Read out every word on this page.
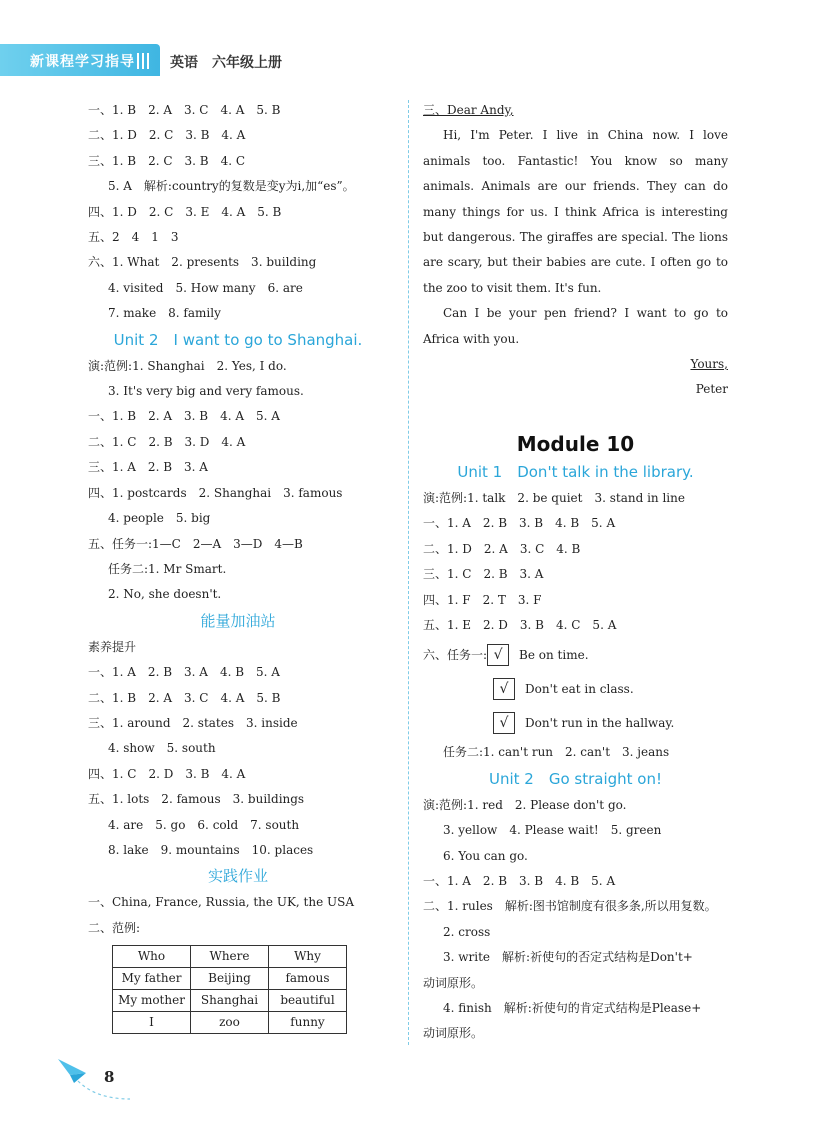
新课程学习指导	英语　六年级上册
一、1. B　2. A　3. C　4. A　5. B
二、1. D　2. C　3. B　4. A
三、1. B　2. C　3. B　4. C
5. A　解析:country的复数是变y为i,加“es”。
四、1. D　2. C　3. E　4. A　5. B
五、2　4　1　3
六、1. What　2. presents　3. building
4. visited　5. How many　6. are
7. make　8. family
Unit 2　I want to go to Shanghai.
演:范例:1. Shanghai　2. Yes, I do.
3. It's very big and very famous.
一、1. B　2. A　3. B　4. A　5. A
二、1. C　2. B　3. D　4. A
三、1. A　2. B　3. A
四、1. postcards　2. Shanghai　3. famous
4. people　5. big
五、任务一:1—C　2—A　3—D　4—B
任务二:1. Mr Smart.
2. No, she doesn't.
能量加油站
素养提升
一、1. A　2. B　3. A　4. B　5. A
二、1. B　2. A　3. C　4. A　5. B
三、1. around　2. states　3. inside
4. show　5. south
四、1. C　2. D　3. B　4. A
五、1. lots　2. famous　3. buildings
4. are　5. go　6. cold　7. south
8. lake　9. mountains　10. places
实践作业
一、China, France, Russia, the UK, the USA
二、范例:
Who	Where	Why
My father	Beijing	famous
My mother	Shanghai	beautiful
I	zoo	funny
三、Dear Andy,

Hi, I'm Peter. I live in China now. I love animals too. Fantastic! You know so many animals. Animals are our friends. They can do many things for us. I think Africa is interesting but dangerous. The giraffes are special. The lions are scary, but their babies are cute. I often go to the zoo to visit them. It's fun.

Can I be your pen friend? I want to go to Africa with you.

Yours,
Peter
Module 10
Unit 1　Don't talk in the library.
演:范例:1. talk　2. be quiet　3. stand in line
一、1. A　2. B　3. B　4. B　5. A
二、1. D　2. A　3. C　4. B
三、1. C　2. B　3. A
四、1. F　2. T　3. F
五、1. E　2. D　3. B　4. C　5. A
六、任务一: √	Be on time.
√	Don't eat in class.
√	Don't run in the hallway.
任务二:1. can't run　2. can't　3. jeans
Unit 2　Go straight on!
演:范例:1. red　2. Please don't go.
3. yellow　4. Please wait!　5. green
6. You can go.
一、1. A　2. B　3. B　4. B　5. A
二、1. rules　解析:图书馆制度有很多条,所以用复数。
2. cross
3. write　解析:祈使句的否定式结构是Don't+
动词原形。
4. finish　解析:祈使句的肯定式结构是Please+
动词原形。
8
